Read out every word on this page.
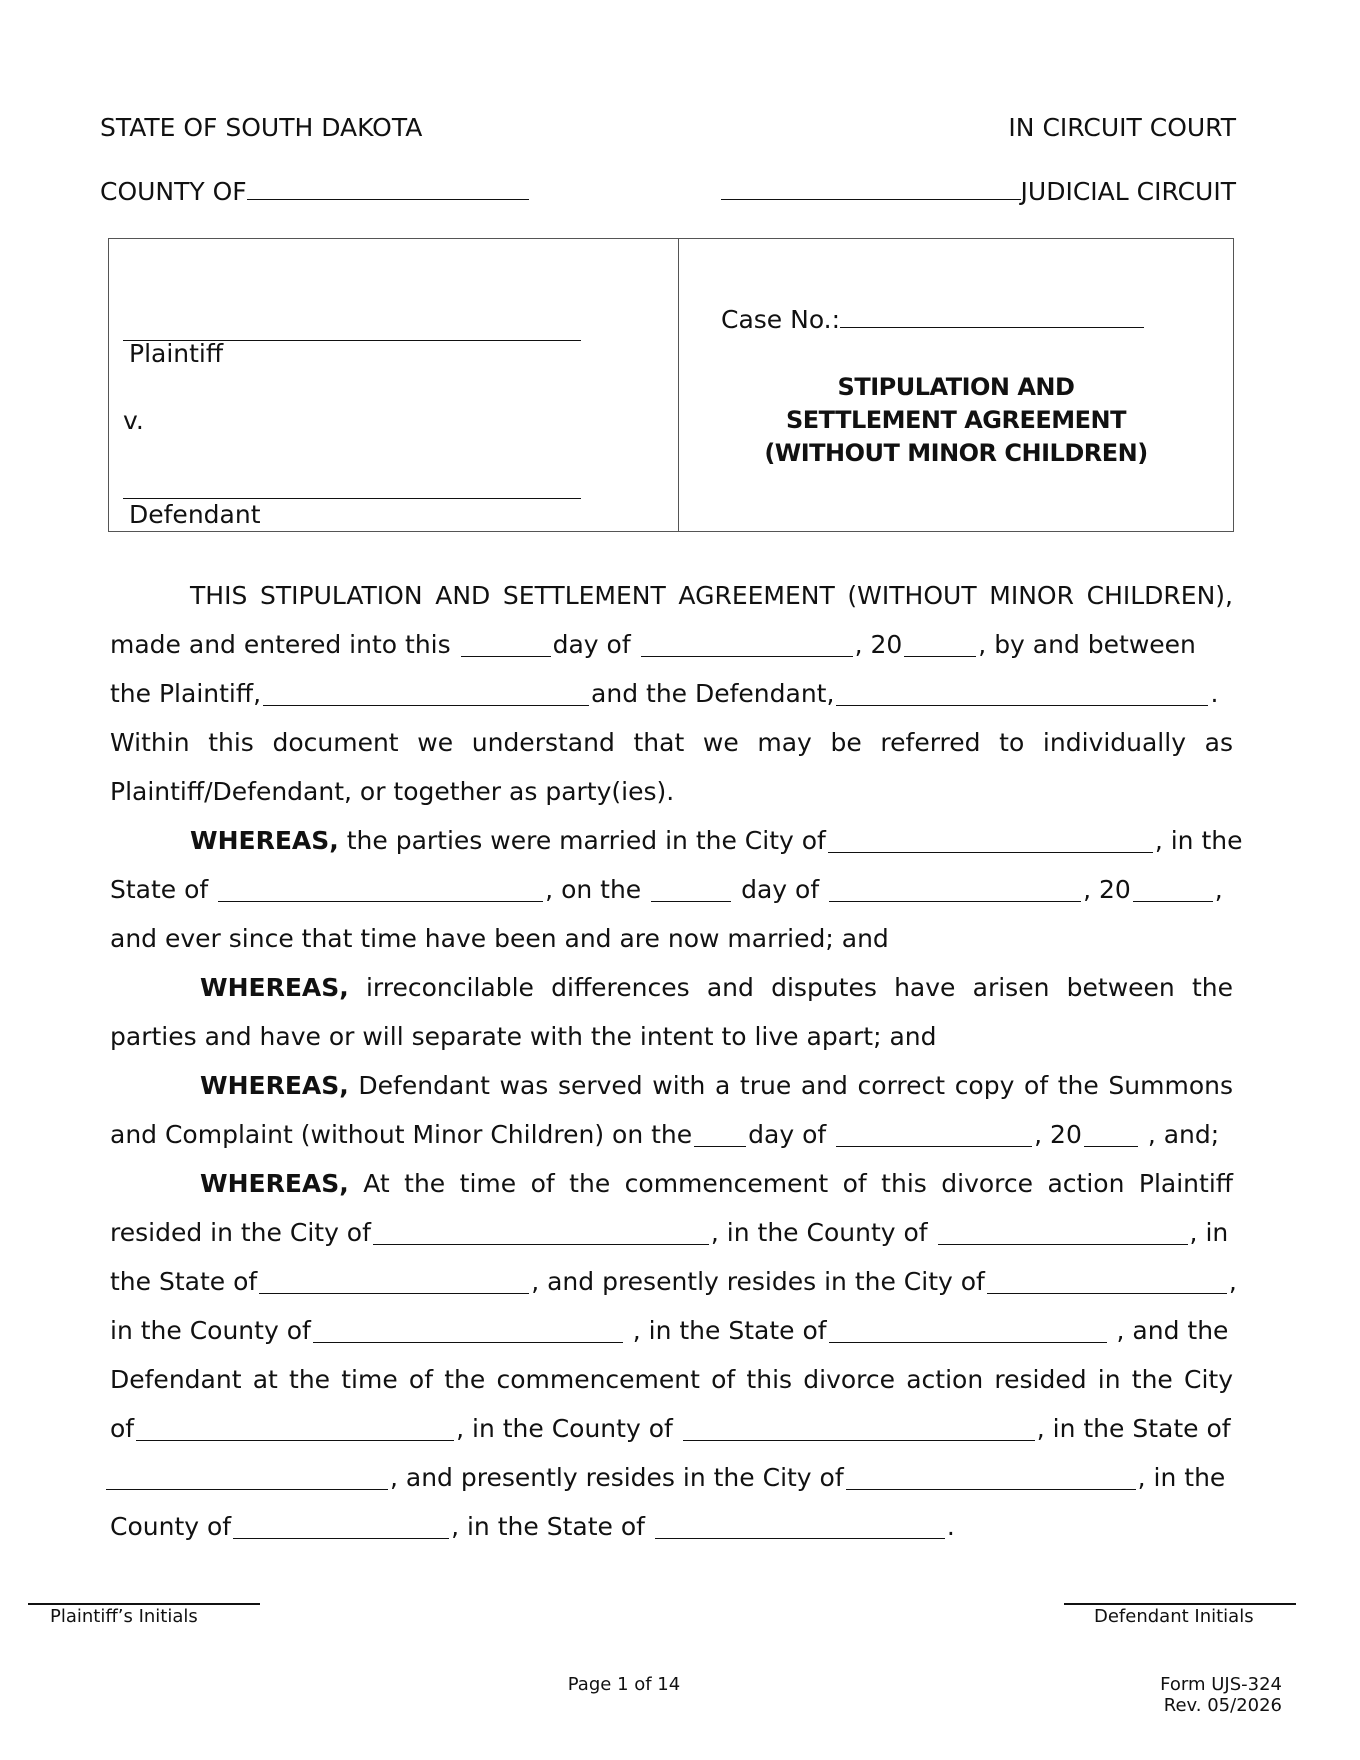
STATE OF SOUTH DAKOTA	IN CIRCUIT COURT
COUNTY OF	JUDICIAL CIRCUIT
Plaintiff
v.
Defendant
Case No.:
STIPULATION AND
SETTLEMENT AGREEMENT
(WITHOUT MINOR CHILDREN)
THIS STIPULATION AND SETTLEMENT AGREEMENT (WITHOUT MINOR CHILDREN),
made and entered into this	day of	, 20	, by and between
the Plaintiff,	and the Defendant,	.
Within this document we understand that we may be referred to individually as
Plaintiff/Defendant, or together as party(ies).
WHEREAS, the parties were married in the City of	, in the
State of	, on the	day of	, 20	,
and ever since that time have been and are now married; and
WHEREAS, irreconcilable differences and disputes have arisen between the
parties and have or will separate with the intent to live apart; and
WHEREAS, Defendant was served with a true and correct copy of the Summons
and Complaint (without Minor Children) on the day of	, 20	, and;
WHEREAS, At the time of the commencement of this divorce action Plaintiff
resided in the City of	, in the County of	, in
the State of	, and presently resides in the City of	,
in the County of	, in the State of	, and the
Defendant at the time of the commencement of this divorce action resided in the City
of	, in the County of	, in the State of
, and presently resides in the City of	, in the
County of	, in the State of	.
Plaintiff’s Initials	Defendant Initials
Page 1 of 14	Form UJS-324
Rev. 05/2026
